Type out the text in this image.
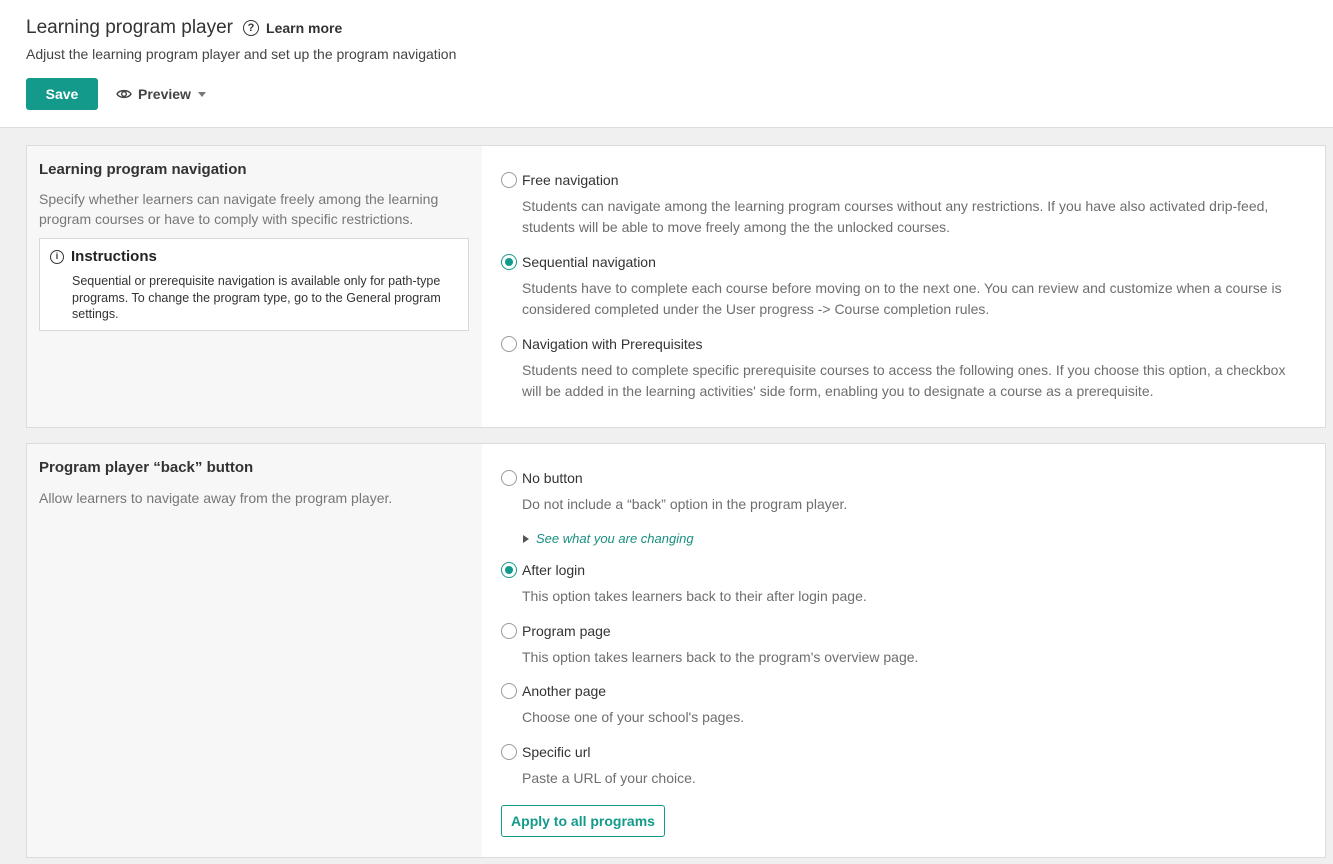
Learning program player	? Learn more
Adjust the learning program player and set up the program navigation
Save	Preview
Learning program navigation
Specify whether learners can navigate freely among the learning program courses or have to comply with specific restrictions.
i Instructions
Sequential or prerequisite navigation is available only for path-type programs. To change the program type, go to the General program settings.
Free navigation
Students can navigate among the learning program courses without any restrictions. If you have also activated drip-feed, students will be able to move freely among the the unlocked courses.
Sequential navigation
Students have to complete each course before moving on to the next one. You can review and customize when a course is considered completed under the User progress -> Course completion rules.
Navigation with Prerequisites
Students need to complete specific prerequisite courses to access the following ones. If you choose this option, a checkbox will be added in the learning activities' side form, enabling you to designate a course as a prerequisite.
Program player “back” button
Allow learners to navigate away from the program player.
No button
Do not include a “back” option in the program player.
See what you are changing
After login
This option takes learners back to their after login page.
Program page
This option takes learners back to the program's overview page.
Another page
Choose one of your school's pages.
Specific url
Paste a URL of your choice.
Apply to all programs
